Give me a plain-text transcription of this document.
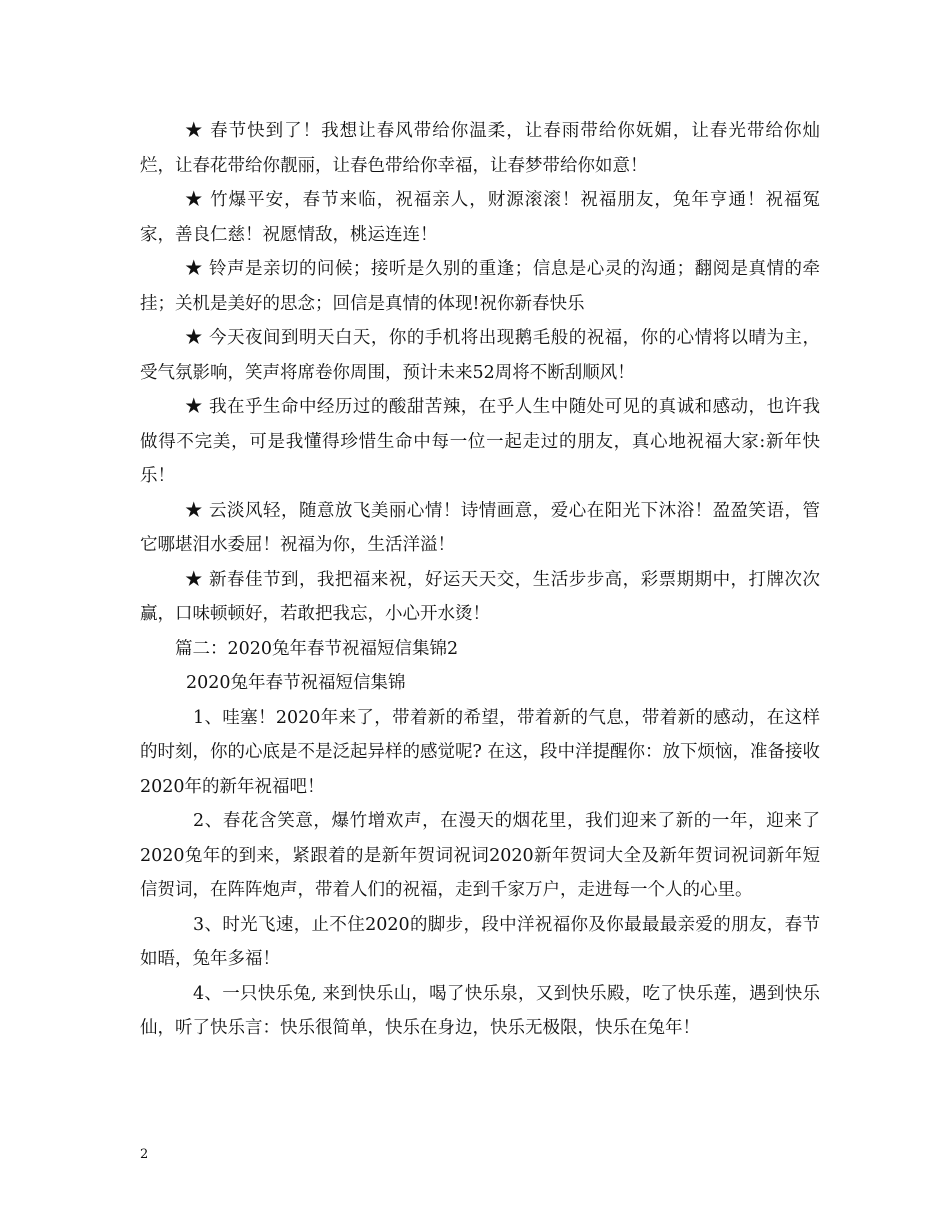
★ 春节快到了！我想让春风带给你温柔，让春雨带给你妩媚，让春光带给你灿烂，让春花带给你靓丽，让春色带给你幸福，让春梦带给你如意！

★ 竹爆平安，春节来临，祝福亲人，财源滚滚！祝福朋友，兔年亨通！祝福冤家，善良仁慈！祝愿情敌，桃运连连！

★ 铃声是亲切的问候；接听是久别的重逢；信息是心灵的沟通；翻阅是真情的牵挂；关机是美好的思念；回信是真情的体现!祝你新春快乐

★ 今天夜间到明天白天，你的手机将出现鹅毛般的祝福，你的心情将以晴为主，受气氛影响，笑声将席卷你周围，预计未来52周将不断刮顺风！

★ 我在乎生命中经历过的酸甜苦辣，在乎人生中随处可见的真诚和感动，也许我做得不完美，可是我懂得珍惜生命中每一位一起走过的朋友，真心地祝福大家:新年快乐！

★ 云淡风轻，随意放飞美丽心情！诗情画意，爱心在阳光下沐浴！盈盈笑语，管它哪堪泪水委屈！祝福为你，生活洋溢！

★ 新春佳节到，我把福来祝，好运天天交，生活步步高，彩票期期中，打牌次次赢，口味顿顿好，若敢把我忘，小心开水烫！

篇二：2020兔年春节祝福短信集锦2

2020兔年春节祝福短信集锦

1、哇塞！2020年来了，带着新的希望，带着新的气息，带着新的感动，在这样的时刻，你的心底是不是泛起异样的感觉呢? 在这，段中洋提醒你：放下烦恼，准备接收2020年的新年祝福吧！

2、春花含笑意，爆竹增欢声，在漫天的烟花里，我们迎来了新的一年，迎来了2020兔年的到来，紧跟着的是新年贺词祝词2020新年贺词大全及新年贺词祝词新年短信贺词，在阵阵炮声，带着人们的祝福，走到千家万户，走进每一个人的心里。

3、时光飞速，止不住2020的脚步，段中洋祝福你及你最最最亲爱的朋友，春节如晤，兔年多福！

4、一只快乐兔, 来到快乐山，喝了快乐泉，又到快乐殿，吃了快乐莲，遇到快乐仙，听了快乐言：快乐很简单，快乐在身边，快乐无极限，快乐在兔年！

2
